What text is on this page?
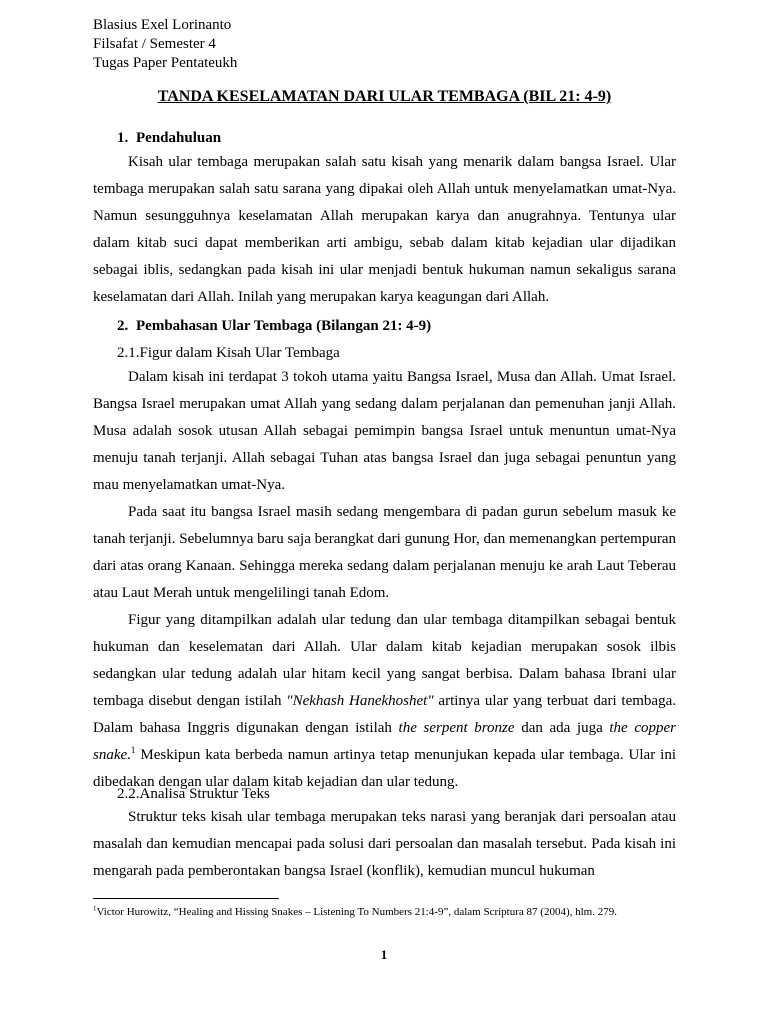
Blasius Exel Lorinanto
Filsafat / Semester 4
Tugas Paper Pentateukh
TANDA KESELAMATAN DARI ULAR TEMBAGA (BIL 21: 4-9)
1. Pendahuluan

Kisah ular tembaga merupakan salah satu kisah yang menarik dalam bangsa Israel. Ular tembaga merupakan salah satu sarana yang dipakai oleh Allah untuk menyelamatkan umat-Nya. Namun sesungguhnya keselamatan Allah merupakan karya dan anugrahnya. Tentunya ular dalam kitab suci dapat memberikan arti ambigu, sebab dalam kitab kejadian ular dijadikan sebagai iblis, sedangkan pada kisah ini ular menjadi bentuk hukuman namun sekaligus sarana keselamatan dari Allah. Inilah yang merupakan karya keagungan dari Allah.

2. Pembahasan Ular Tembaga (Bilangan 21: 4-9)
2.1.Figur dalam Kisah Ular Tembaga

Dalam kisah ini terdapat 3 tokoh utama yaitu Bangsa Israel, Musa dan Allah. Umat Israel. Bangsa Israel merupakan umat Allah yang sedang dalam perjalanan dan pemenuhan janji Allah. Musa adalah sosok utusan Allah sebagai pemimpin bangsa Israel untuk menuntun umat-Nya menuju tanah terjanji. Allah sebagai Tuhan atas bangsa Israel dan juga sebagai penuntun yang mau menyelamatkan umat-Nya.

Pada saat itu bangsa Israel masih sedang mengembara di padan gurun sebelum masuk ke tanah terjanji. Sebelumnya baru saja berangkat dari gunung Hor, dan memenangkan pertempuran dari atas orang Kanaan. Sehingga mereka sedang dalam perjalanan menuju ke arah Laut Teberau atau Laut Merah untuk mengelilingi tanah Edom.

Figur yang ditampilkan adalah ular tedung dan ular tembaga ditampilkan sebagai bentuk hukuman dan keselematan dari Allah. Ular dalam kitab kejadian merupakan sosok ilbis sedangkan ular tedung adalah ular hitam kecil yang sangat berbisa. Dalam bahasa Ibrani ular tembaga disebut dengan istilah "Nekhash Hanekhoshet" artinya ular yang terbuat dari tembaga. Dalam bahasa Inggris digunakan dengan istilah the serpent bronze dan ada juga the copper snake.$^1$ Meskipun kata berbeda namun artinya tetap menunjukan kepada ular tembaga. Ular ini dibedakan dengan ular dalam kitab kejadian dan ular tedung.

2.2.Analisa Struktur Teks

Struktur teks kisah ular tembaga merupakan teks narasi yang beranjak dari persoalan atau masalah dan kemudian mencapai pada solusi dari persoalan dan masalah tersebut. Pada kisah ini mengarah pada pemberontakan bangsa Israel (konflik), kemudian muncul hukuman

$^1$Victor Hurowitz, “Healing and Hissing Snakes – Listening To Numbers 21:4-9”, dalam Scriptura 87 (2004), hlm. 279.
1
